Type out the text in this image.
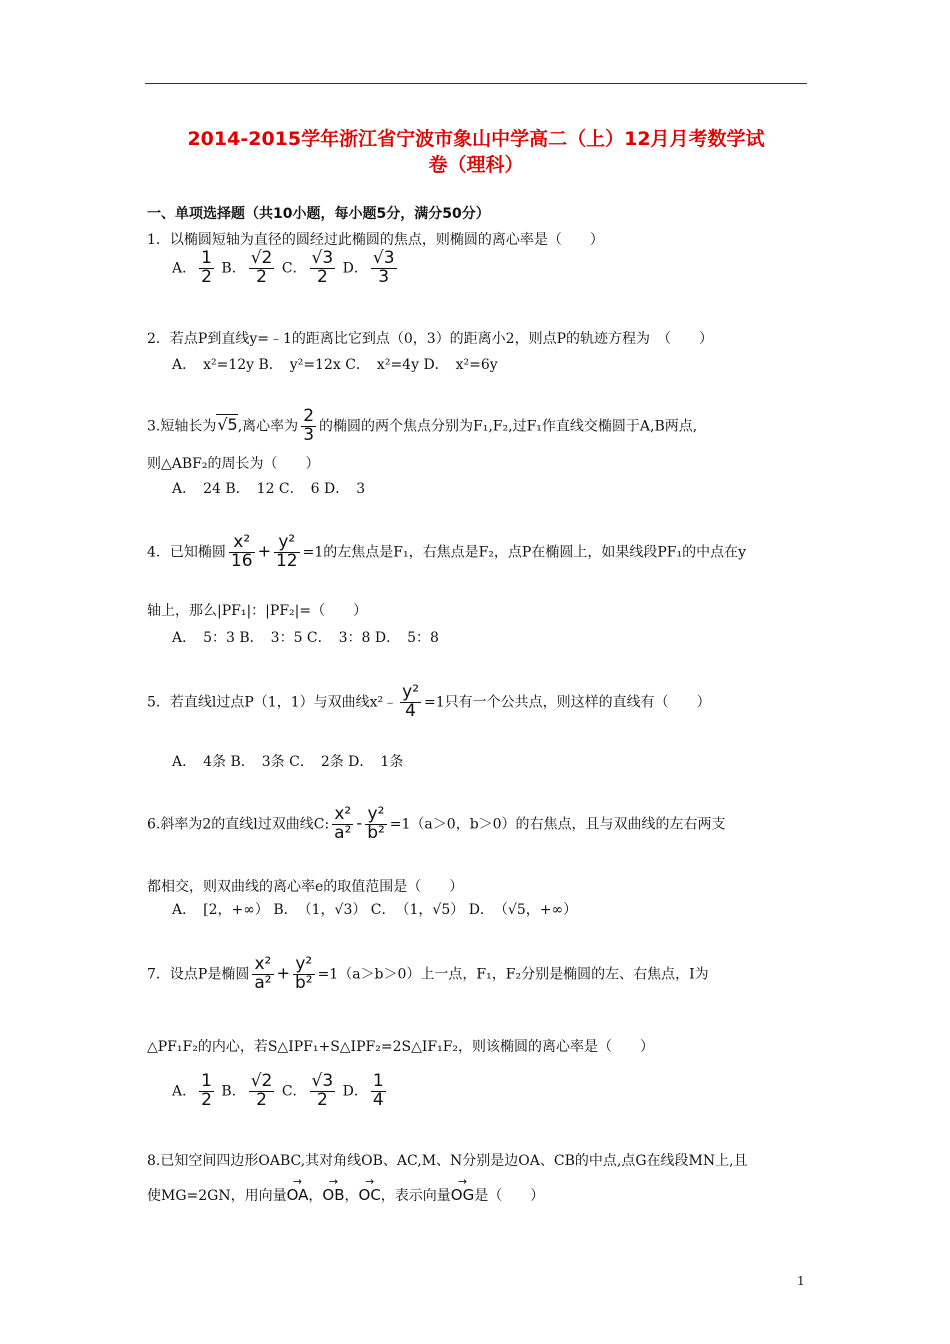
2014-2015学年浙江省宁波市象山中学高二（上）12月月考数学试
卷（理科）
一、单项选择题（共10小题，每小题5分，满分50分）
1．以椭圆短轴为直径的圆经过此椭圆的焦点，则椭圆的离心率是（　　）
A． $\frac{1}{2}$ B． $\frac{√2}{2}$ C． $\frac{√3}{2}$ D． $\frac{√3}{3}$
2．若点P到直线y=﹣1的距离比它到点（0，3）的距离小2，则点P的轨迹方程为　（　　）
A．　x²=12y B．　y²=12x C．　x²=4y D．　x²=6y
3.短轴长为√5,离心率为 $\frac{2}{3}$ 的椭圆的两个焦点分别为F₁,F₂,过F₁作直线交椭圆于A,B两点,
则△ABF₂的周长为（　　）
A．　24 B．　12 C．　6 D．　3
4．已知椭圆 $\frac{\text{x²}}{16} + \frac{\text{y²}}{12} =1$的左焦点是F₁，右焦点是F₂，点P在椭圆上，如果线段PF₁的中点在y
轴上，那么|PF₁|：|PF₂|=（　　）
A．　5：3 B．　3：5 C．　3：8 D．　5：8
5．若直线l过点P（1，1）与双曲线x²﹣ $\frac{\text{y²}}{4} =1$只有一个公共点，则这样的直线有（　　）
A．　4条 B．　3条 C．　2条 D．　1条
6.斜率为2的直线l过双曲线C: $\frac{\text{x²}}{\text{a²}} - \frac{\text{y²}}{\text{b²}} =1(a>0$，b＞0）的右焦点，且与双曲线的左右两支
都相交，则双曲线的离心率e的取值范围是（　　）
A．　[2，+∞） B．　（1，√3） C．　（1，√5） D．　（√5，+∞）
7．设点P是椭圆 $\frac{\text{x²}}{\text{a²}} + \frac{\text{y²}}{\text{b²}} =1(a>b>0)$上一点，F₁，F₂分别是椭圆的左、右焦点，I为
△PF₁F₂的内心，若S△IPF₁+S△IPF₂=2S△IF₁F₂，则该椭圆的离心率是（　　）
A． $\frac{1}{2}$ B． $\frac{√2}{2}$ C． $\frac{√3}{2}$ D． $\frac{1}{4}$
8.已知空间四边形OABC,其对角线OB、AC,M、N分别是边OA、CB的中点,点G在线段MN上,且
使MG=2GN，用向量→ OA，→ OB，→ OC，表示向量→ OG是（　　）
1
